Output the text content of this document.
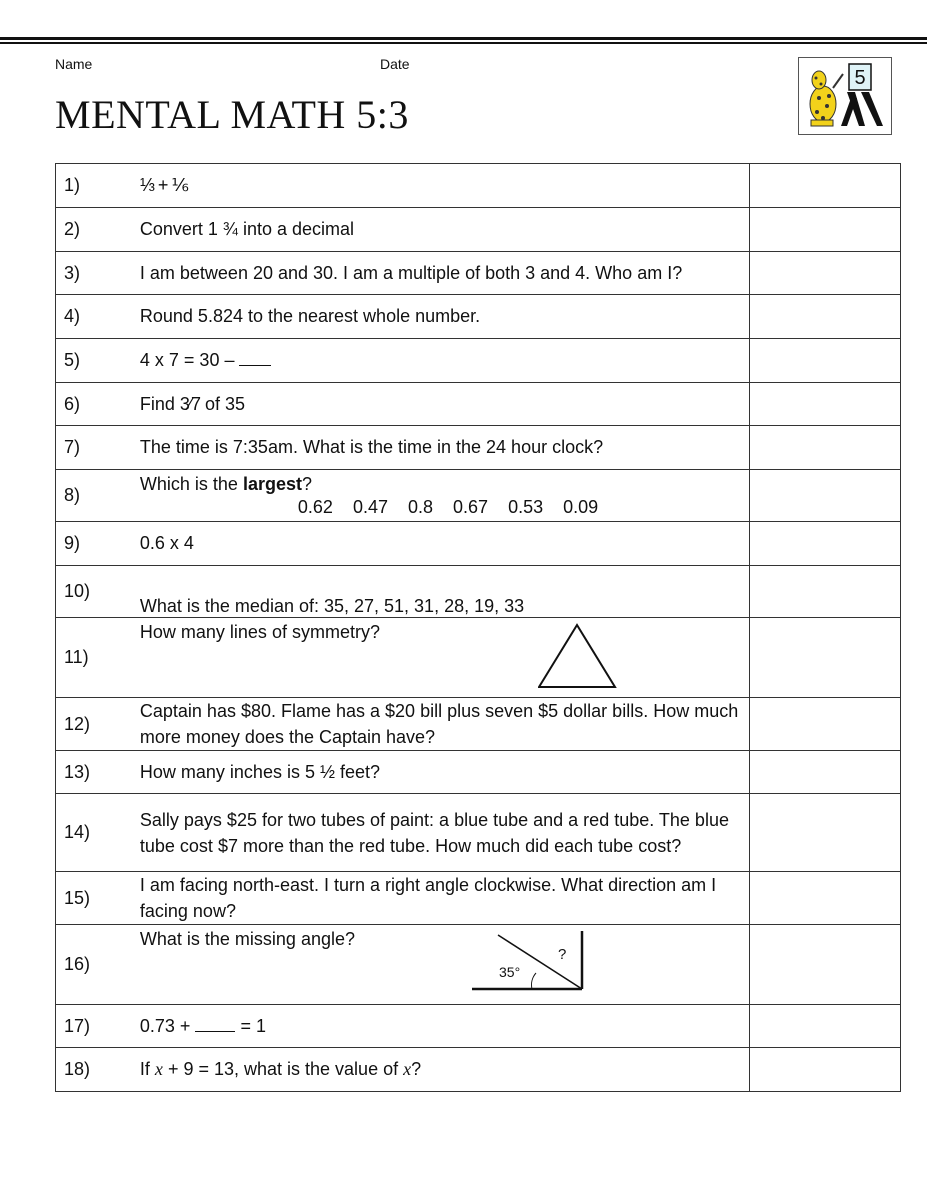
Name	Date
MENTAL MATH 5:3
5
1)	⅓ + ⅙	
2)	Convert 1 ¾ into a decimal	
3)	I am between 20 and 30. I am a multiple of both 3 and 4. Who am I?	
4)	Round 5.824 to the nearest whole number.	
5)	4 x 7 = 30 –	
6)	Find 3⁄7 of 35	
7)	The time is 7:35am. What is the time in the 24 hour clock?	
8)	Which is the largest?
0.62 0.47 0.8 0.67 0.53 0.09	

9)	0.6 x 4	
10)	What is the median of: 35, 27, 51, 31, 28, 19, 33	

11)	How many lines of symmetry?	

12)	Captain has $80. Flame has a $20 bill plus seven $5 dollar bills. How much more money does the Captain have?	
13)	How many inches is 5 ½ feet?	
14)	Sally pays $25 for two tubes of paint: a blue tube and a red tube. The blue tube cost $7 more than the red tube. How much did each tube cost?	
15)	I am facing north-east. I turn a right angle clockwise. What direction am I facing now?	
16)	What is the missing angle?
35°
?	

17)	0.73 + = 1	
18)	If x + 9 = 13, what is the value of x?	
